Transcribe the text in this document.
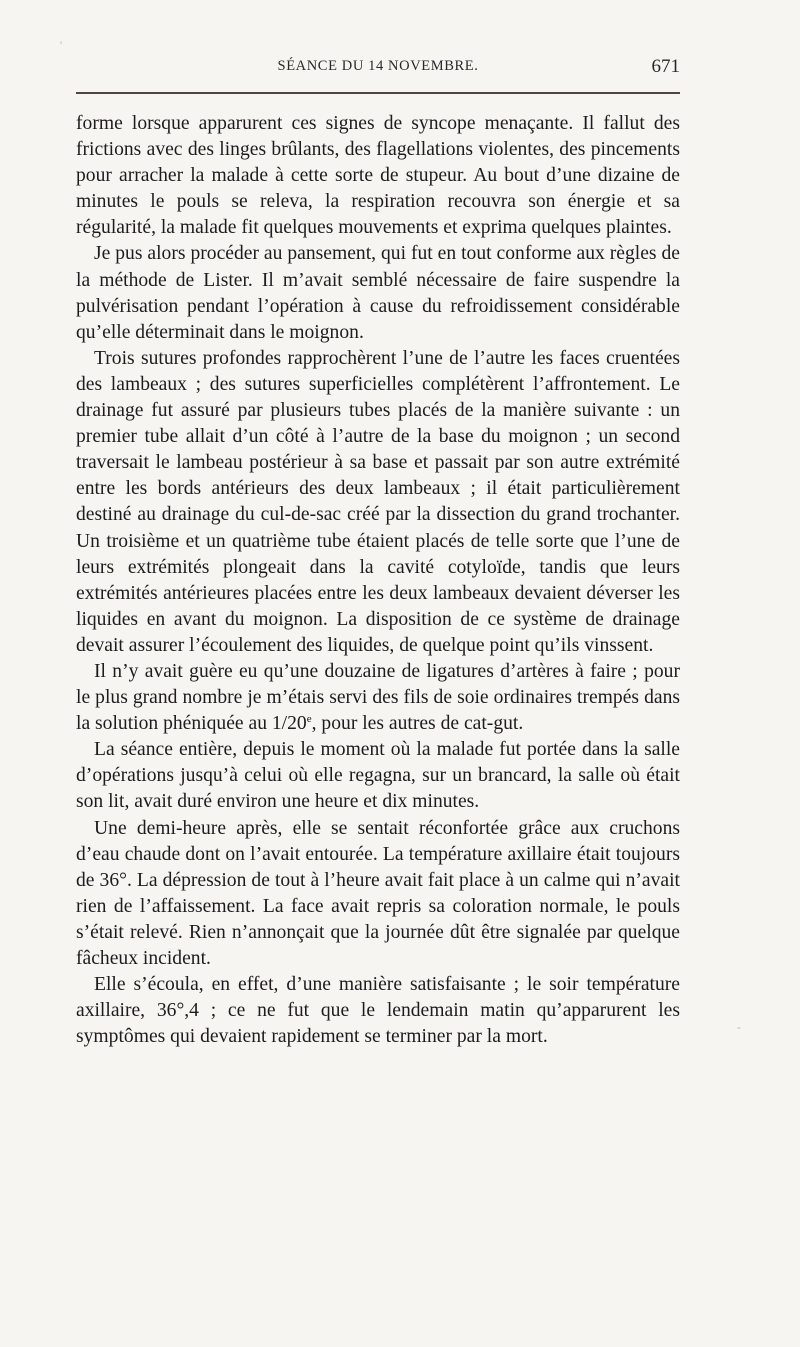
'
-
SÉANCE DU 14 NOVEMBRE.	671

forme lorsque apparurent ces signes de syncope menaçante. Il fallut des frictions avec des linges brûlants, des flagellations violentes, des pincements pour arracher la malade à cette sorte de stupeur. Au bout d’une dizaine de minutes le pouls se releva, la respiration recouvra son énergie et sa régularité, la malade fit quelques mouvements et exprima quelques plaintes.

Je pus alors procéder au pansement, qui fut en tout conforme aux règles de la méthode de Lister. Il m’avait semblé nécessaire de faire suspendre la pulvérisation pendant l’opération à cause du refroidissement considérable qu’elle déterminait dans le moignon.

Trois sutures profondes rapprochèrent l’une de l’autre les faces cruentées des lambeaux ; des sutures superficielles complétèrent l’affrontement. Le drainage fut assuré par plusieurs tubes placés de la manière suivante : un premier tube allait d’un côté à l’autre de la base du moignon ; un second traversait le lambeau postérieur à sa base et passait par son autre extrémité entre les bords antérieurs des deux lambeaux ; il était particulièrement destiné au drainage du cul-de-sac créé par la dissection du grand trochanter. Un troisième et un quatrième tube étaient placés de telle sorte que l’une de leurs extrémités plongeait dans la cavité cotyloïde, tandis que leurs extrémités antérieures placées entre les deux lambeaux devaient déverser les liquides en avant du moignon. La disposition de ce système de drainage devait assurer l’écoulement des liquides, de quelque point qu’ils vinssent.

Il n’y avait guère eu qu’une douzaine de ligatures d’artères à faire ; pour le plus grand nombre je m’étais servi des fils de soie ordinaires trempés dans la solution phéniquée au 1/20e, pour les autres de cat-gut.

La séance entière, depuis le moment où la malade fut portée dans la salle d’opérations jusqu’à celui où elle regagna, sur un brancard, la salle où était son lit, avait duré environ une heure et dix minutes.

Une demi-heure après, elle se sentait réconfortée grâce aux cruchons d’eau chaude dont on l’avait entourée. La température axillaire était toujours de 36°. La dépression de tout à l’heure avait fait place à un calme qui n’avait rien de l’affaissement. La face avait repris sa coloration normale, le pouls s’était relevé. Rien n’annonçait que la journée dût être signalée par quelque fâcheux incident.

Elle s’écoula, en effet, d’une manière satisfaisante ; le soir température axillaire, 36°,4 ; ce ne fut que le lendemain matin qu’apparurent les symptômes qui devaient rapidement se terminer par la mort.
